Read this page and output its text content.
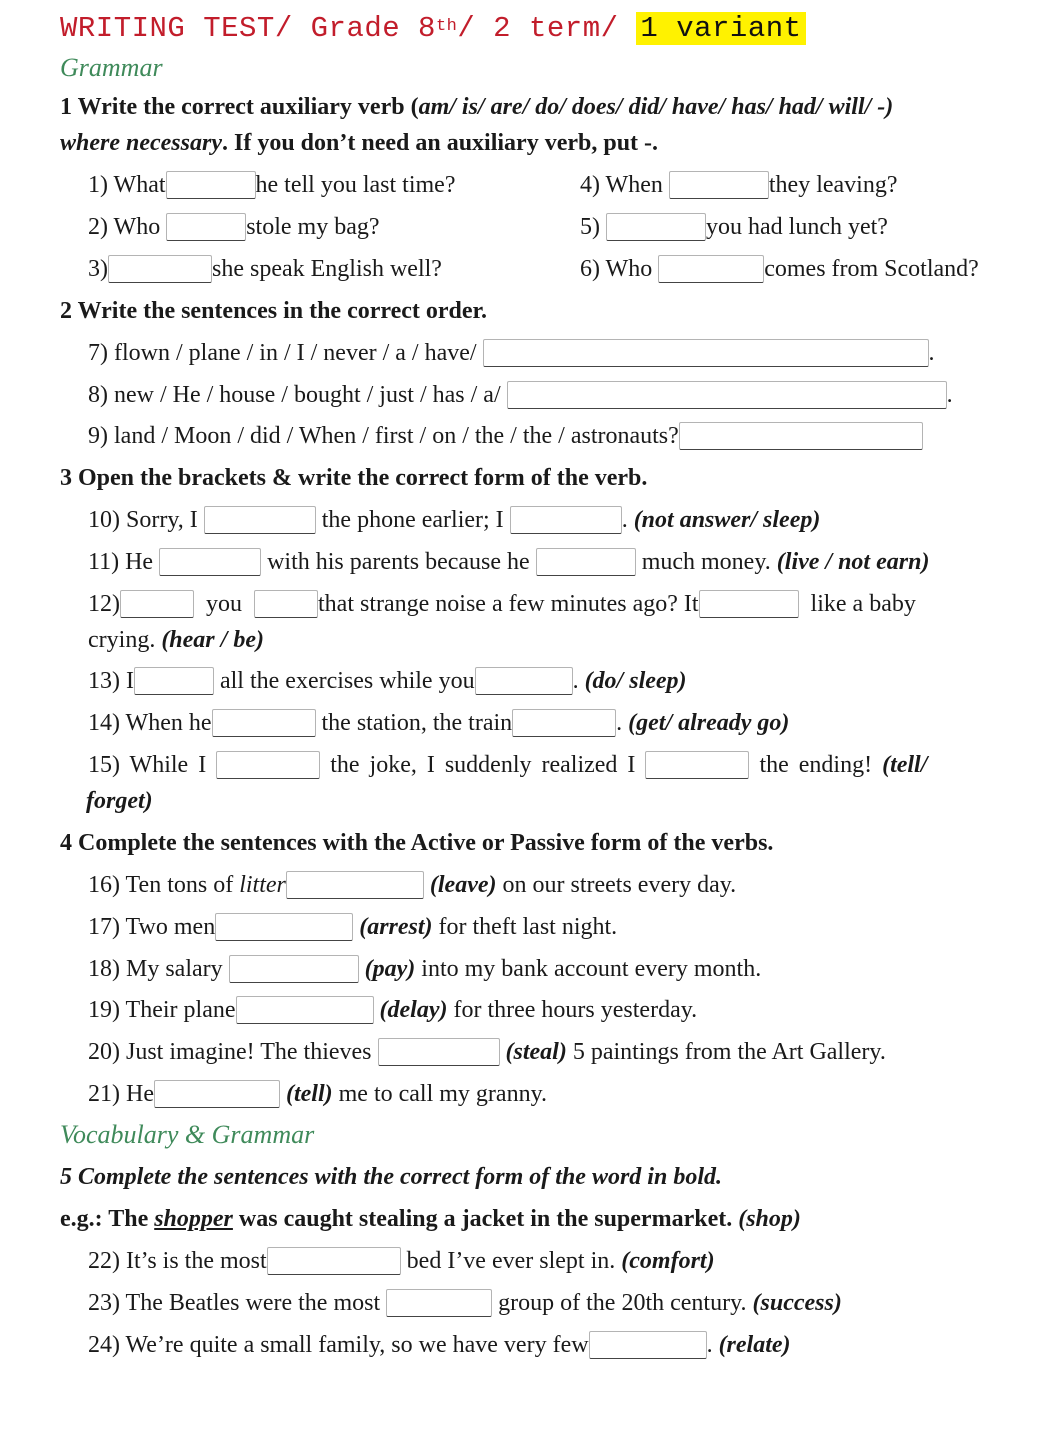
WRITING TEST/ Grade 8th/ 2 term/ 1 variant
Grammar
1 Write the correct auxiliary verb (am/ is/ are/ do/ does/ did/ have/ has/ had/ will/ -)
where necessary. If you don’t need an auxiliary verb, put -.
1) What	he tell you last time?	4) When	they leaving?
2) Who	stole my bag?	5)	you had lunch yet?
3)	she speak English well?	6) Who	comes from Scotland?
2 Write the sentences in the correct order.
7) flown / plane / in / I / never / a / have/	.
8) new / He / house / bought / just / has / a/	.
9) land / Moon / did / When / first / on / the / the / astronauts?
3 Open the brackets & write the correct form of the verb.
10) Sorry, I	the phone earlier; I	. (not answer/ sleep)
11) He	with his parents because he	much money. (live / not earn)
12)	you	that strange noise a few minutes ago? It	like a baby
crying. (hear / be)
13) I	all the exercises while you	. (do/ sleep)
14) When he	the station, the train	. (get/ already go)
15) While I	the joke, I suddenly realized I	the ending! (tell/
forget)
4 Complete the sentences with the Active or Passive form of the verbs.
16) Ten tons of litter	(leave) on our streets every day.
17) Two men	(arrest) for theft last night.
18) My salary	(pay) into my bank account every month.
19) Their plane	(delay) for three hours yesterday.
20) Just imagine! The thieves	(steal) 5 paintings from the Art Gallery.
21) He	(tell) me to call my granny.
Vocabulary & Grammar
5 Complete the sentences with the correct form of the word in bold.
e.g.: The shopper was caught stealing a jacket in the supermarket. (shop)
22) It’s is the most	bed I’ve ever slept in. (comfort)
23) The Beatles were the most	group of the 20th century. (success)
24) We’re quite a small family, so we have very few	. (relate)
